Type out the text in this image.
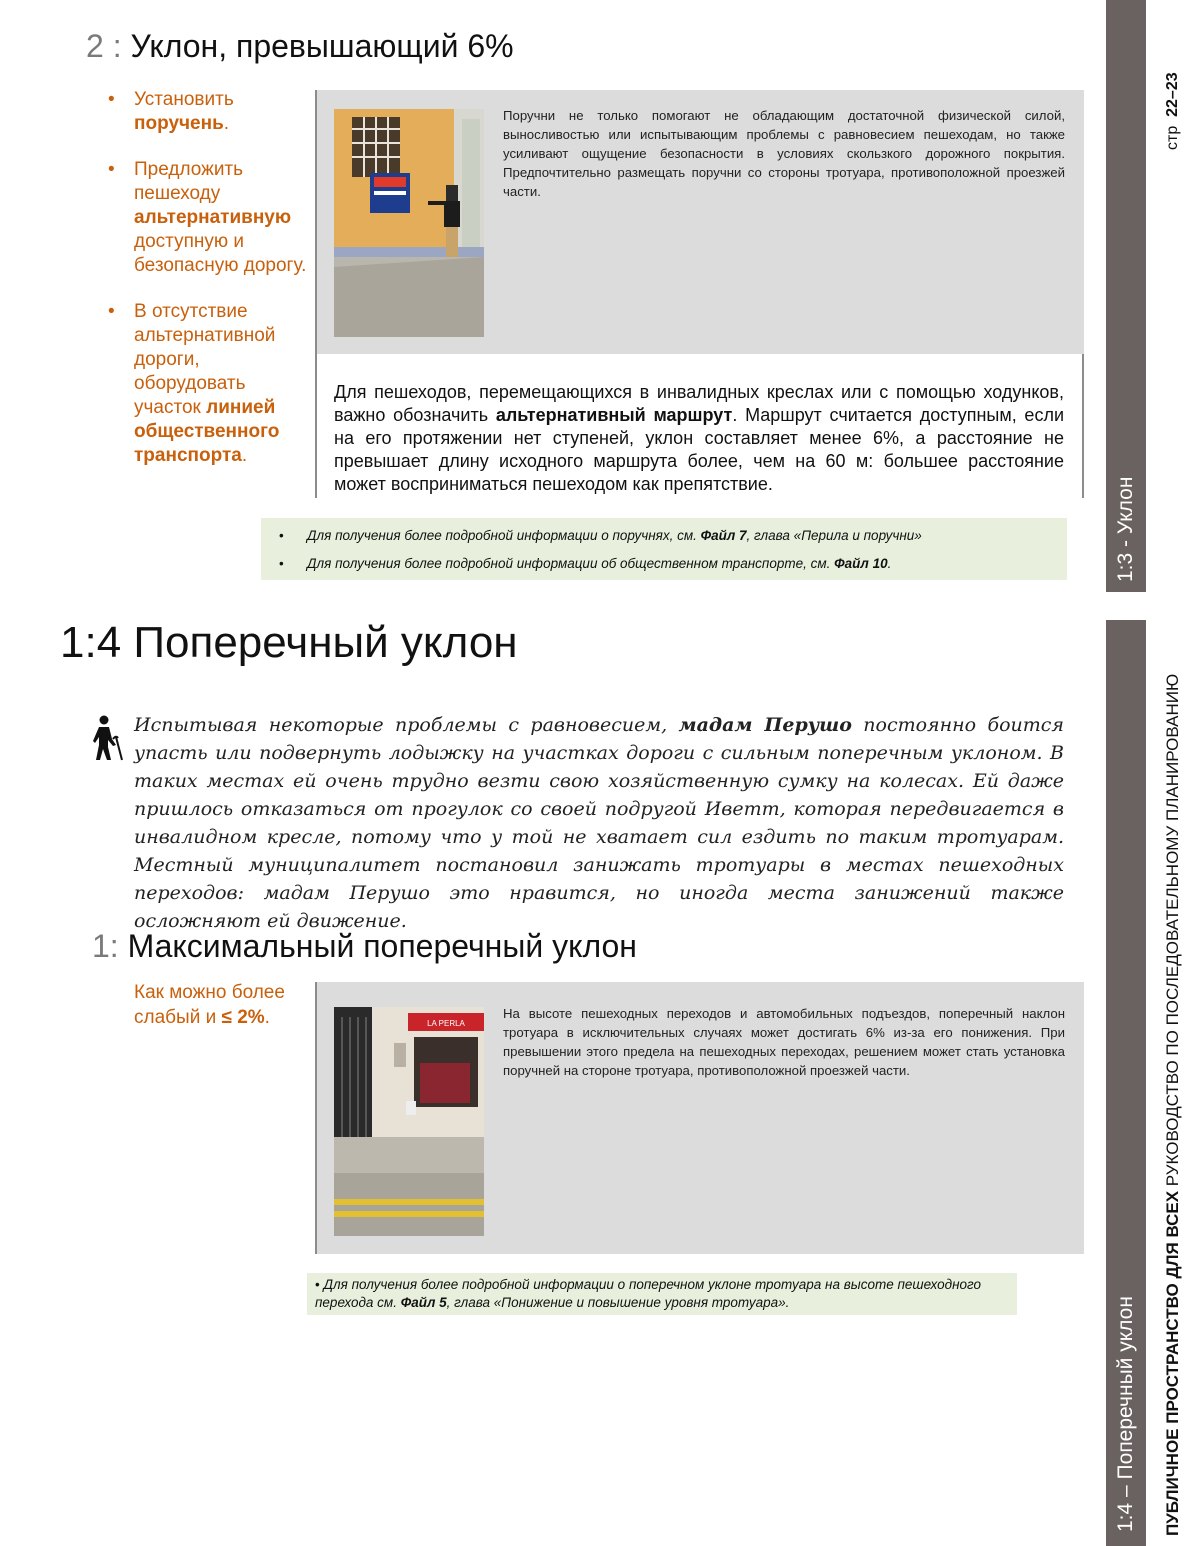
2 : Уклон, превышающий 6%
• Установить поручень.
• Предложить пешеходу альтернативную доступную и безопасную дорогу.
• В отсутствие альтернативной дороги, оборудовать участок линией общественного транспорта.
Поручни не только помогают не обладающим достаточной физической силой, выносливостью или испытывающим проблемы с равновесием пешеходам, но также усиливают ощущение безопасности в условиях скользкого дорожного покрытия. Предпочтительно размещать поручни со стороны тротуара, противоположной проезжей части.
Для пешеходов, перемещающихся в инвалидных креслах или с помощью ходунков, важно обозначить альтернативный маршрут. Маршрут считается доступным, если на его протяжении нет ступеней, уклон составляет менее 6%, а расстояние не превышает длину исходного маршрута более, чем на 60 м: большее расстояние может восприниматься пешеходом как препятствие.
• Для получения более подробной информации о поручнях, см. Файл 7, глава «Перила и поручни»
• Для получения более подробной информации об общественном транспорте, см. Файл 10.
1:4 Поперечный уклон
Испытывая некоторые проблемы с равновесием, мадам Перушо постоянно боится упасть или подвернуть лодыжку на участках дороги с сильным поперечным уклоном. В таких местах ей очень трудно везти свою хозяйственную сумку на колесах. Ей даже пришлось отказаться от прогулок со своей подругой Иветт, которая передвигается в инвалидном кресле, потому что у той не хватает сил ездить по таким тротуарам. Местный муниципалитет постановил занижать тротуары в местах пешеходных переходов: мадам Перушо это нравится, но иногда места занижений также осложняют ей движение.
1: Максимальный поперечный уклон
Как можно более слабый и ≤ 2%.	LA PERLA
На высоте пешеходных переходов и автомобильных подъездов, поперечный наклон тротуара в исключительных случаях может достигать 6% из-за его понижения. При превышении этого предела на пешеходных переходах, решением может стать установка поручней на стороне тротуара, противоположной проезжей части.
• Для получения более подробной информации о поперечном уклоне тротуара на высоте пешеходного перехода см. Файл 5, глава «Понижение и повышение уровня тротуара».
1:3 - Уклон
1:4 – Поперечный уклон
стр  22–23
ПУБЛИЧНОЕ ПРОСТРАНСТВО ДЛЯ ВСЕХ РУКОВОДСТВО ПО ПОСЛЕДОВАТЕЛЬНОМУ ПЛАНИРОВАНИЮ
